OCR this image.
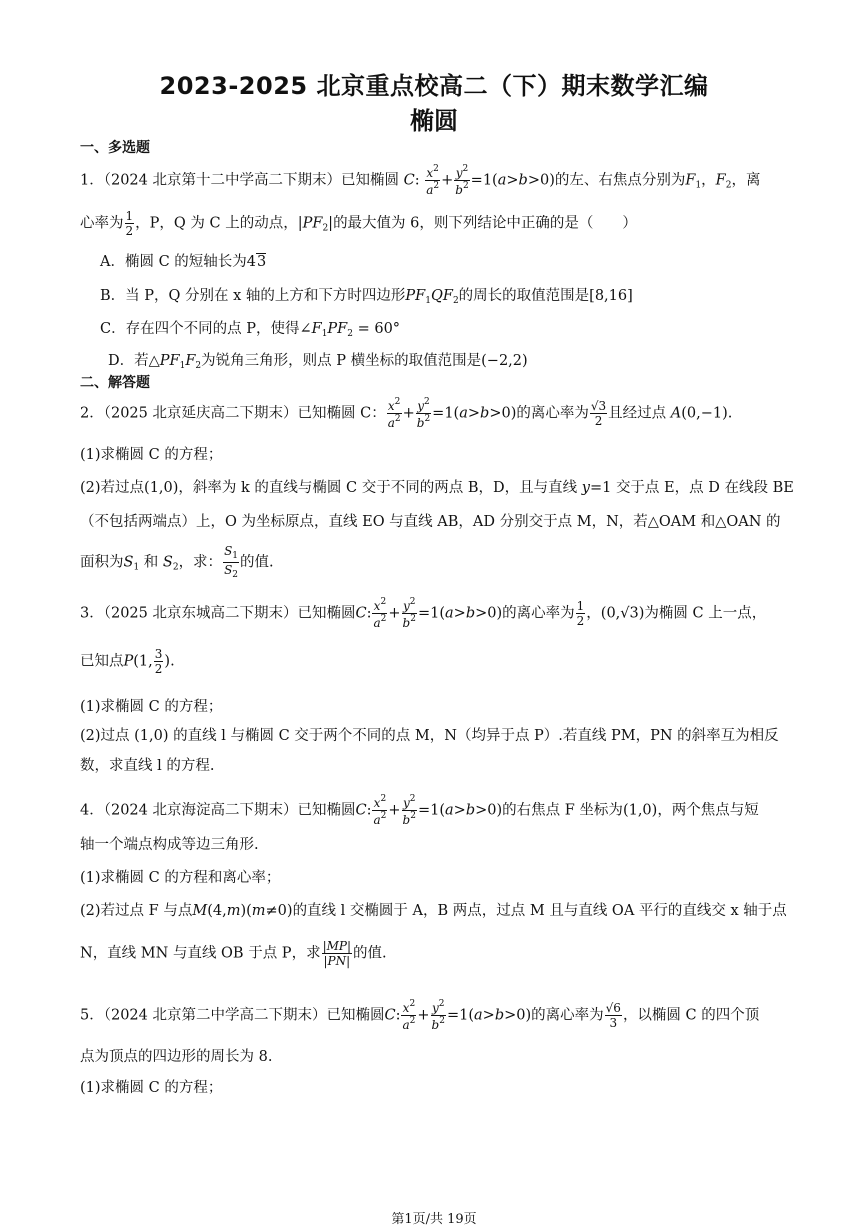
2023-2025 北京重点校高二（下）期末数学汇编
椭圆
一、多选题
1．（2024 北京第十二中学高二下期末）已知椭圆 C: $\frac{x^2}{a^2} + \frac{y^2}{b^2} =1(a>b>0)$的左、右焦点分别为$F_1$，$F_2$，离
心率为 $\frac{1}{2}$ ，P，Q 为 C 上的动点，$|PF_2|$的最大值为 6，则下列结论中正确的是（　　）
A．椭圆 C 的短轴长为43
B．当 P，Q 分别在 x 轴的上方和下方时四边形$PF_1QF_2$的周长的取值范围是[8,16]
C．存在四个不同的点 P，使得$\angle F_1PF_2 = 60^\circ$
D．若$\triangle PF_1F_2$为锐角三角形，则点 P 横坐标的取值范围是(−2,2)
二、解答题
2．（2025 北京延庆高二下期末）已知椭圆 C： $\frac{x^2}{a^2} + \frac{y^2}{b^2} =1(a>b>0)$的离心率为 $\frac{√3}{2}$ 且经过点 A(0,−1).
(1)求椭圆 C 的方程；
(2)若过点(1,0)，斜率为 k 的直线与椭圆 C 交于不同的两点 B，D，且与直线 y=1 交于点 E，点 D 在线段 BE
（不包括两端点）上，O 为坐标原点，直线 EO 与直线 AB，AD 分别交于点 M，N，若△OAM 和△OAN 的
面积为$S_1$ 和 $S_2$，求： $\frac{S_1}{S_2}$ 的值.
3．（2025 北京东城高二下期末）已知椭圆C: $\frac{x^2}{a^2} + \frac{y^2}{b^2} =1(a>b>0)$的离心率为 $\frac{1}{2}$ ，(0,√3)为椭圆 C 上一点，
已知点P(1, $\frac{3}{2}$ ).
(1)求椭圆 C 的方程；
(2)过点 (1,0) 的直线 l 与椭圆 C 交于两个不同的点 M，N（均异于点 P）.若直线 PM，PN 的斜率互为相反
数，求直线 l 的方程.
4．（2024 北京海淀高二下期末）已知椭圆C: $\frac{x^2}{a^2} + \frac{y^2}{b^2} =1(a>b>0)$的右焦点 F 坐标为(1,0)，两个焦点与短
轴一个端点构成等边三角形.
(1)求椭圆 C 的方程和离心率；
(2)若过点 F 与点M(4,m)(m≠0)的直线 l 交椭圆于 A，B 两点，过点 M 且与直线 OA 平行的直线交 x 轴于点
N，直线 MN 与直线 OB 于点 P，求 $\frac{|MP|}{|PN|}$ 的值.
5．（2024 北京第二中学高二下期末）已知椭圆C: $\frac{x^2}{a^2} + \frac{y^2}{b^2} =1(a>b>0)$的离心率为 $\frac{√6}{3}$ ，以椭圆 C 的四个顶
点为顶点的四边形的周长为 8.
(1)求椭圆 C 的方程；
第1页/共 19页
